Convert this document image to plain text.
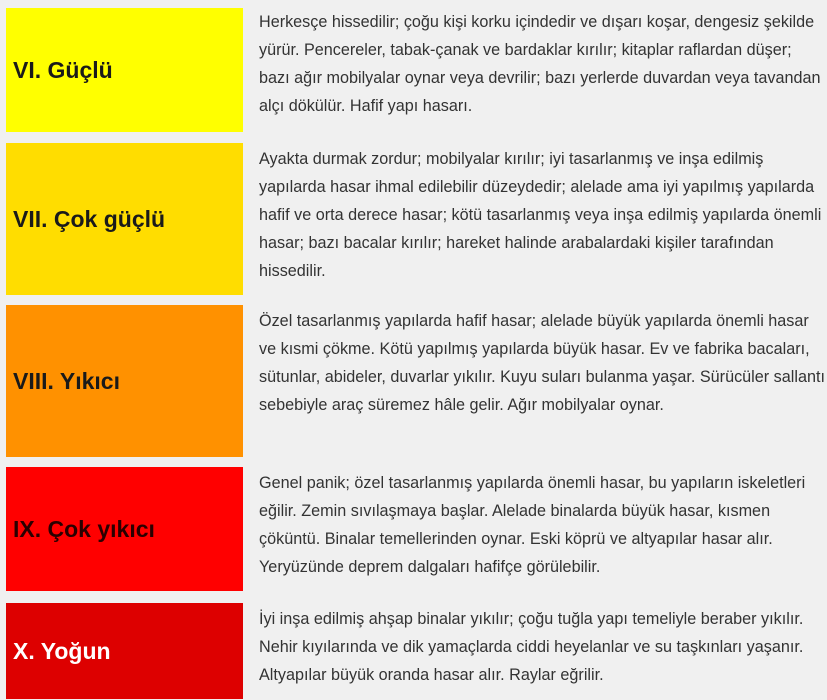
VI. Güçlü
Herkesçe hissedilir; çoğu kişi korku içindedir ve dışarı koşar, dengesiz şekilde yürür. Pencereler, tabak-çanak ve bardaklar kırılır; kitaplar raflardan düşer; bazı ağır mobilyalar oynar veya devrilir; bazı yerlerde duvardan veya tavandan alçı dökülür. Hafif yapı hasarı.
VII. Çok güçlü
Ayakta durmak zordur; mobilyalar kırılır; iyi tasarlanmış ve inşa edilmiş yapılarda hasar ihmal edilebilir düzeydedir; alelade ama iyi yapılmış yapılarda hafif ve orta derece hasar; kötü tasarlanmış veya inşa edilmiş yapılarda önemli hasar; bazı bacalar kırılır; hareket halinde arabalardaki kişiler tarafından hissedilir.
VIII. Yıkıcı
Özel tasarlanmış yapılarda hafif hasar; alelade büyük yapılarda önemli hasar ve kısmi çökme. Kötü yapılmış yapılarda büyük hasar. Ev ve fabrika bacaları, sütunlar, abideler, duvarlar yıkılır. Kuyu suları bulanma yaşar. Sürücüler sallantı sebebiyle araç süremez hâle gelir. Ağır mobilyalar oynar.
IX. Çok yıkıcı
Genel panik; özel tasarlanmış yapılarda önemli hasar, bu yapıların iskeletleri eğilir. Zemin sıvılaşmaya başlar. Alelade binalarda büyük hasar, kısmen çöküntü. Binalar temellerinden oynar. Eski köprü ve altyapılar hasar alır. Yeryüzünde deprem dalgaları hafifçe görülebilir.
X. Yoğun
İyi inşa edilmiş ahşap binalar yıkılır; çoğu tuğla yapı temeliyle beraber yıkılır. Nehir kıyılarında ve dik yamaçlarda ciddi heyelanlar ve su taşkınları yaşanır. Altyapılar büyük oranda hasar alır. Raylar eğrilir.
